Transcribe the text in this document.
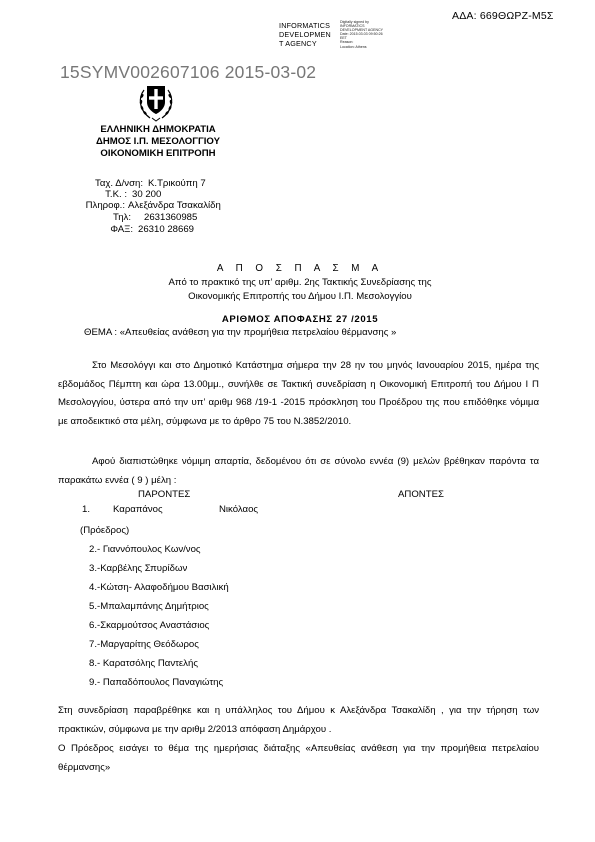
ΑΔΑ: 669ΘΩΡΖ-Μ5Σ
INFORMATICS
DEVELOPMEN
T AGENCY
Digitally signed by
INFORMATICS
DEVELOPMENT AGENCY
Date: 2015.03.03 09:50:26
EET
Reason:
Location: Athens
15SYMV002607106 2015-03-02
ΕΛΛΗΝΙΚΗ ΔΗΜΟΚΡΑΤΙΑ
ΔΗΜΟΣ Ι.Π. ΜΕΣΟΛΟΓΓΙΟΥ
ΟΙΚΟΝΟΜΙΚΗ ΕΠΙΤΡΟΠΗ
Ταχ. Δ/νση: Κ.Τρικούπη 7
Τ.Κ. : 30 200
Πληροφ.: Αλεξάνδρα Τσακαλίδη
Τηλ: 2631360985
ΦΑΞ: 26310 28669
Α Π Ο Σ Π Α Σ Μ Α
Από το πρακτικό της υπ’ αριθμ. 2ης Τακτικής Συνεδρίασης της
Οικονομικής Επιτροπής του Δήμου Ι.Π. Μεσολογγίου
ΑΡΙΘΜΟΣ ΑΠΟΦΑΣΗΣ 27 /2015
ΘΕΜΑ : «Απευθείας ανάθεση για την προμήθεια πετρελαίου θέρμανσης »
Στο Μεσολόγγι και στο Δημοτικό Κατάστημα σήμερα την 28 ην του μηνός Ιανουαρίου 2015, ημέρα της εβδομάδος Πέμπτη και ώρα 13.00μμ., συνήλθε σε Τακτική συνεδρίαση η Οικονομική Επιτροπή του Δήμου Ι Π Μεσολογγίου, ύστερα από την υπ’ αριθμ 968 /19-1 -2015 πρόσκληση του Προέδρου της που επιδόθηκε νόμιμα με αποδεικτικό στα μέλη, σύμφωνα με το άρθρο 75 του Ν.3852/2010.
Αφού διαπιστώθηκε νόμιμη απαρτία, δεδομένου ότι σε σύνολο εννέα (9) μελών βρέθηκαν παρόντα τα παρακάτω εννέα ( 9 ) μέλη :
ΠΑΡΟΝΤΕΣ	ΑΠΟΝΤΕΣ
1. Καραπάνος	Νικόλαος
(Πρόεδρος)
2.- Γιαννόπουλος Κων/νος
3.-Καρβέλης Σπυρίδων
4.-Κώτση- Αλαφοδήμου Βασιλική
5.-Μπαλαμπάνης Δημήτριος
6.-Σκαρμούτσος Αναστάσιος
7.-Μαργαρίτης Θεόδωρος
8.- Καρατσόλης Παντελής
9.- Παπαδόπουλος Παναγιώτης
Στη συνεδρίαση παραβρέθηκε και η υπάλληλος του Δήμου κ Αλεξάνδρα Τσακαλίδη , για την τήρηση των πρακτικών, σύμφωνα με την αριθμ 2/2013 απόφαση Δημάρχου .
Ο Πρόεδρος εισάγει το θέμα της ημερήσιας διάταξης «Απευθείας ανάθεση για την προμήθεια πετρελαίου θέρμανσης»
